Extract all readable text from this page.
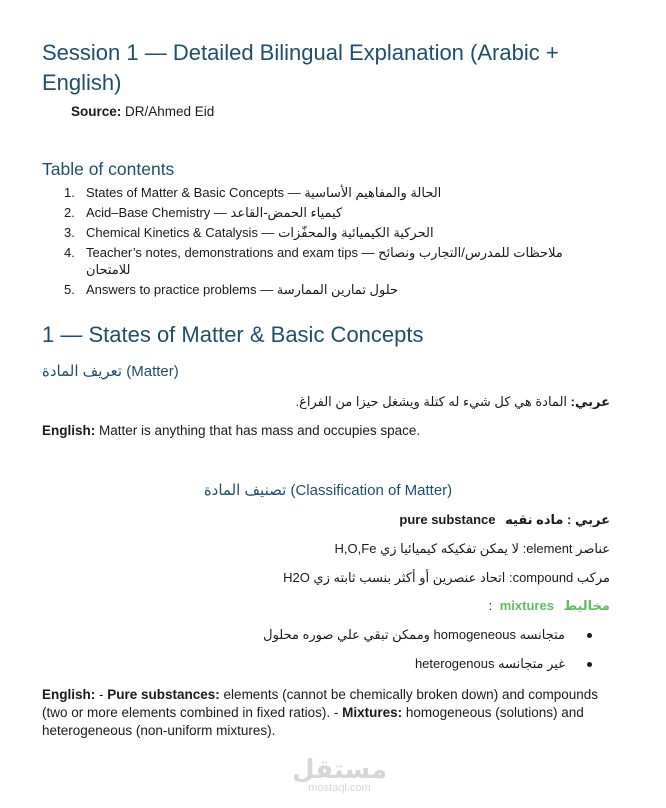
Session 1 — Detailed Bilingual Explanation (Arabic + English)
Source: DR/Ahmed Eid
Table of contents
1. States of Matter & Basic Concepts — الحالة والمفاهيم الأساسية
2. Acid–Base Chemistry — كيمياء الحمض-القاعد
3. Chemical Kinetics & Catalysis — الحركية الكيميائية والمحفّزات
4. Teacher’s notes, demonstrations and exam tips — ملاحظات للمدرس/التجارب ونصائح للامتحان
5. Answers to practice problems — حلول تمارين الممارسة
1 — States of Matter & Basic Concepts
تعريف المادة (Matter)
عربي: المادة هي كل شيء له كتلة ويشغل حيزا من الفراغ.
English: Matter is anything that has mass and occupies space.
تصنيف المادة (Classification of Matter)
عربي : ماده نقيه pure substance
عناصر element: لا يمكن تفكيكه كيميائيا زي H,O,Fe
مركب compound: اتحاد عنصرين أو أكثر بنسب ثابته زي H2O
مخاليط mixtures :
متجانسه homogeneous وممكن تبقي علي صوره محلول
غير متجانسه heterogenous
English: - Pure substances: elements (cannot be chemically broken down) and compounds (two or more elements combined in fixed ratios). - Mixtures: homogeneous (solutions) and heterogeneous (non-uniform mixtures).
مستقل
mostaql.com
